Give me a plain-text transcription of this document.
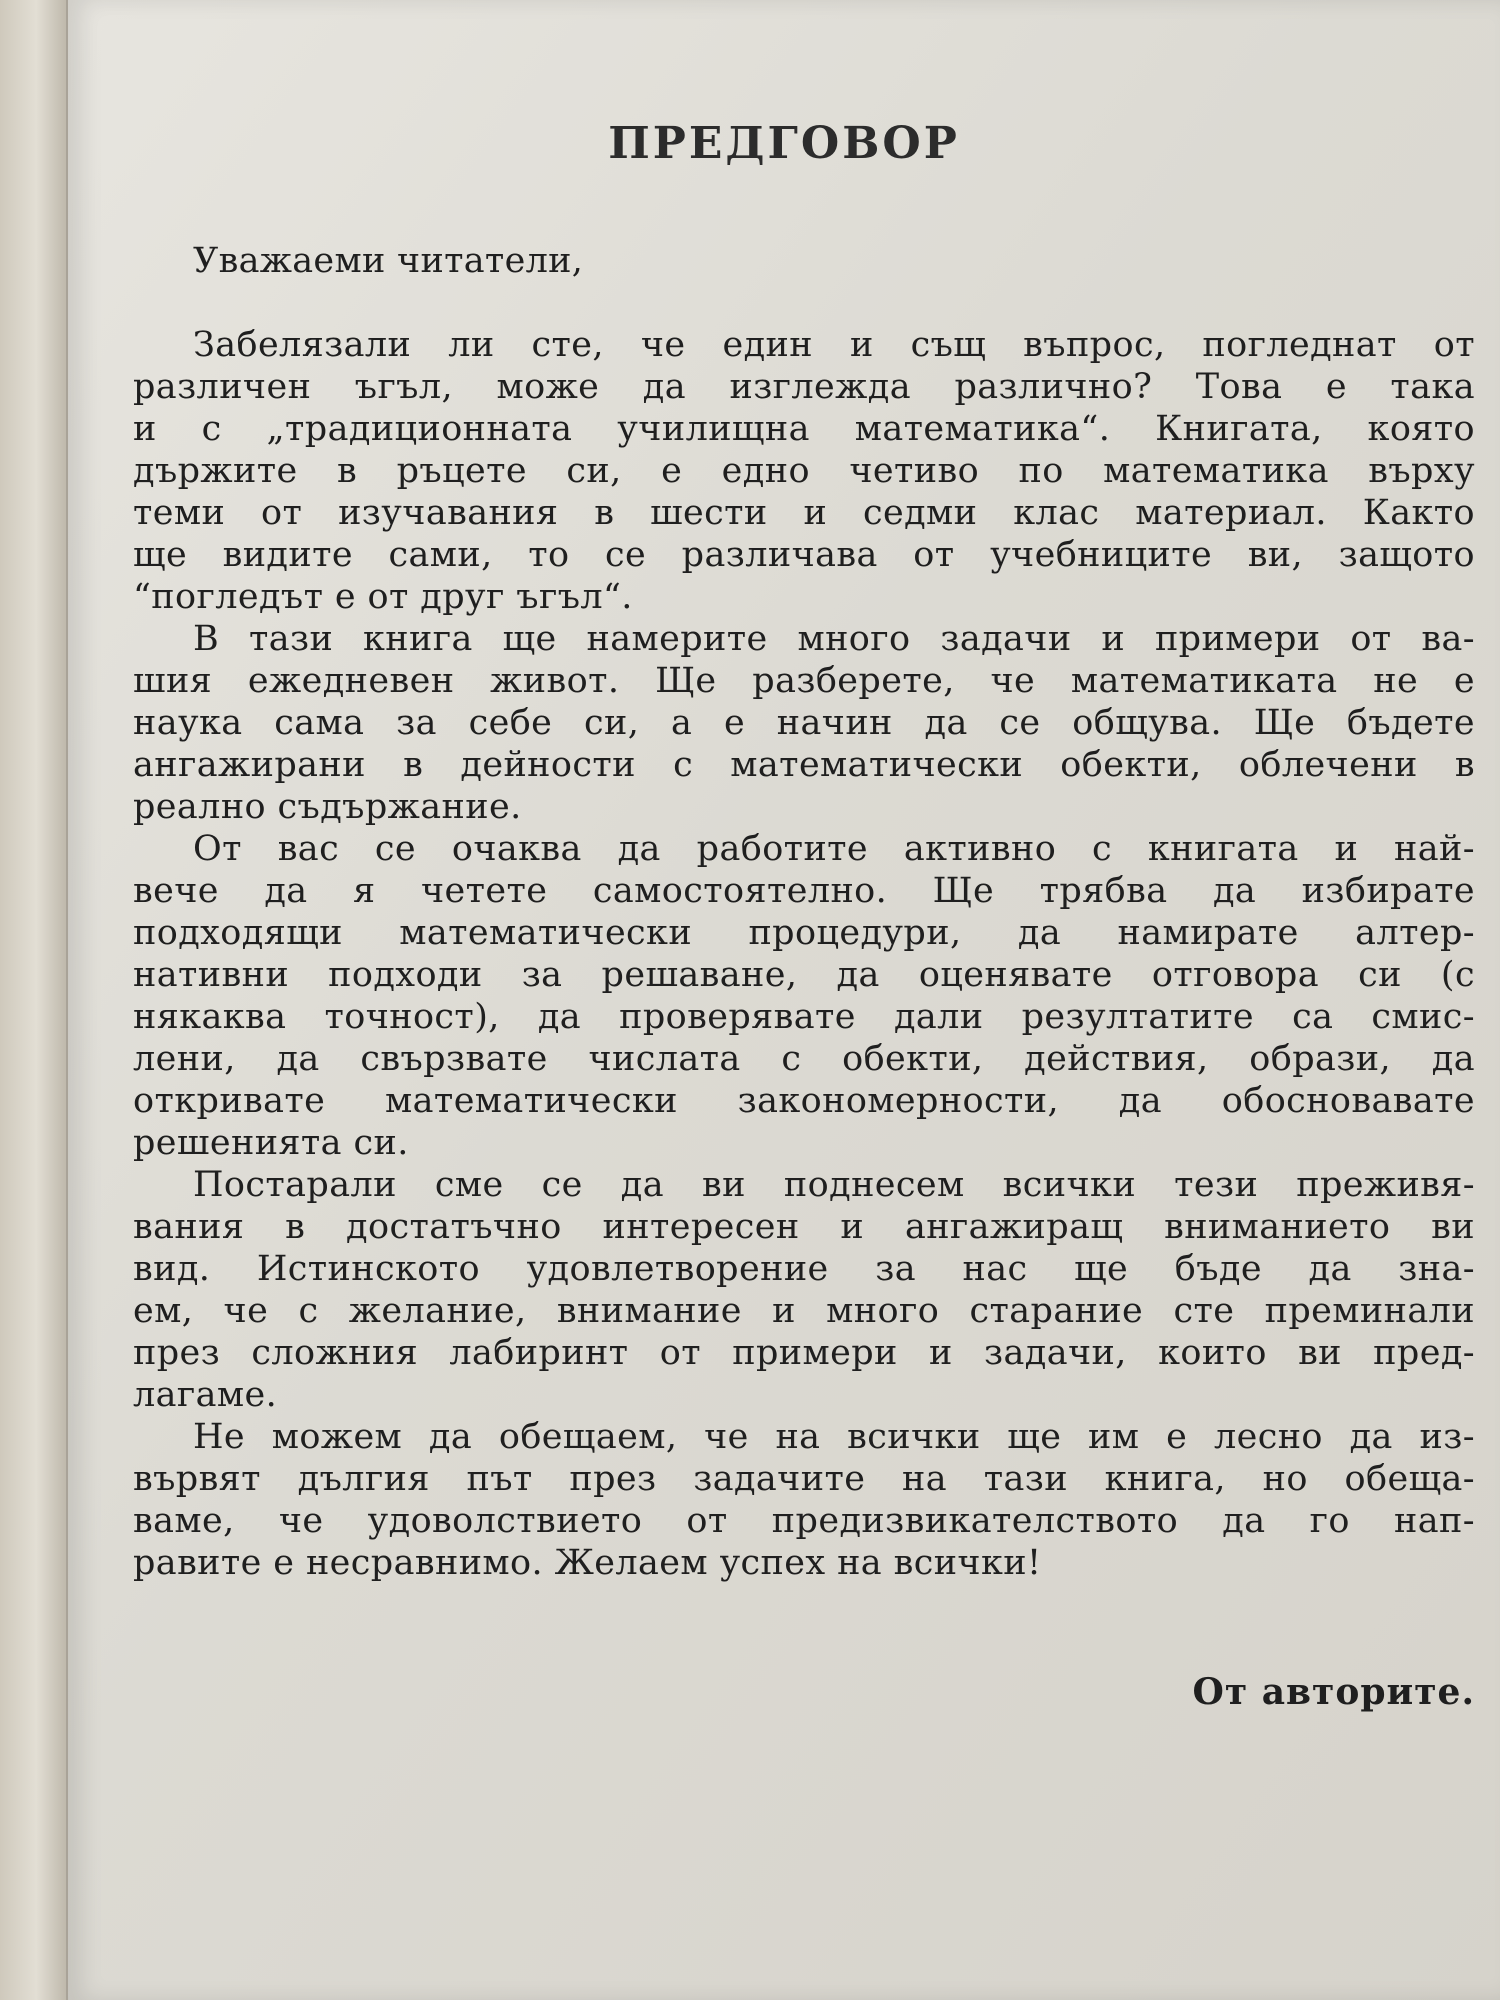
ПРЕДГОВОР

Уважаеми читатели,

Забелязали ли сте, че един и същ въпрос, погледнат от
различен ъгъл, може да изглежда различно? Това е така
и с „традиционната училищна математика“. Книгата, която
държите в ръцете си, е едно четиво по математика върху
теми от изучавания в шести и седми клас материал. Както
ще видите сами, то се различава от учебниците ви, защото
“погледът е от друг ъгъл“.

В тази книга ще намерите много задачи и примери от ва-
шия ежедневен живот. Ще разберете, че математиката не е
наука сама за себе си, а е начин да се общува. Ще бъдете
ангажирани в дейности с математически обекти, облечени в
реално съдържание.

От вас се очаква да работите активно с книгата и най-
вече да я четете самостоятелно. Ще трябва да избирате
подходящи математически процедури, да намирате алтер-
нативни подходи за решаване, да оценявате отговора си (с
някаква точност), да проверявате дали резултатите са смис-
лени, да свързвате числата с обекти, действия, образи, да
откривате математически закономерности, да обосновавате
решенията си.

Постарали сме се да ви поднесем всички тези преживя-
вания в достатъчно интересен и ангажиращ вниманието ви
вид. Истинското удовлетворение за нас ще бъде да зна-
ем, че с желание, внимание и много старание сте преминали
през сложния лабиринт от примери и задачи, които ви пред-
лагаме.

Не можем да обещаем, че на всички ще им е лесно да из-
вървят дългия път през задачите на тази книга, но обеща-
ваме, че удоволствието от предизвикателството да го нап-
равите е несравнимо. Желаем успех на всички!

От авторите.
